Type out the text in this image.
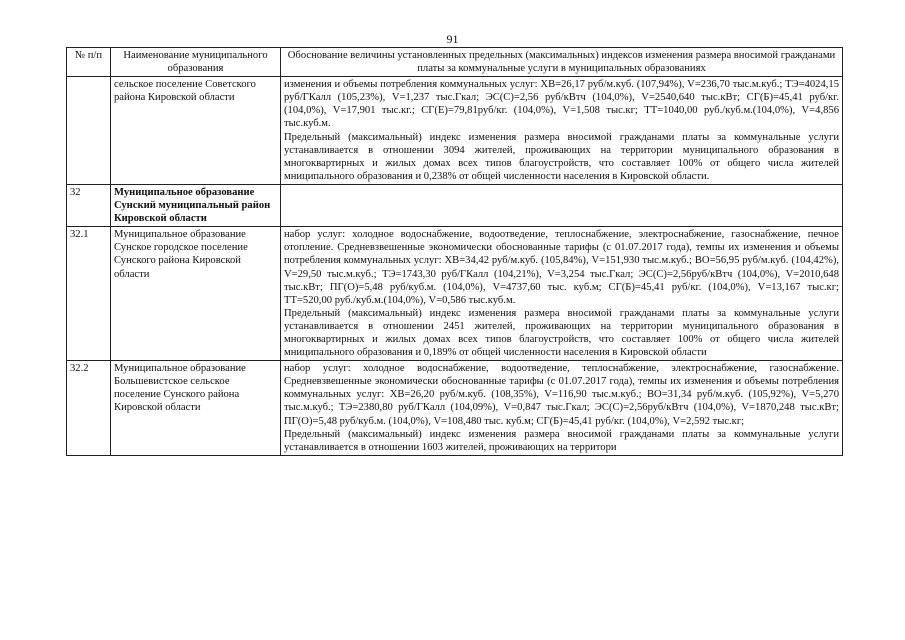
91
№ п/п	Наименование муниципального образования	Обоснование величины установленных предельных (максимальных) индексов изменения размера вносимой гражданами платы за коммунальные услуги в муниципальных образованиях
	сельское поселение Советского района Кировской области	изменения и объемы потребления коммунальных услуг: ХВ=26,17 руб/м.куб. (107,94%), V=236,70 тыс.м.куб.; ТЭ=4024,15 руб/ГКалл (105,23%), V=1,237 тыс.Гкал; ЭС(С)=2,56 руб/кВтч (104,0%), V=2540,640 тыс.кВт; СГ(Б)=45,41 руб/кг. (104,0%), V=17,901 тыс.кг.; СГ(Е)=79,81руб/кг. (104,0%), V=1,508 тыс.кг; ТТ=1040,00 руб./куб.м.(104,0%), V=4,856 тыс.куб.м.
Предельный (максимальный) индекс изменения размера вносимой гражданами платы за коммунальные услуги устанавливается в отношении 3094 жителей, проживающих на территории муниципального образования в многоквартирных и жилых домах всех типов благоустройств, что составляет 100% от общего числа жителей мниципального образования и 0,238% от общей численности населения в Кировской области.

32	Муниципальное образование Сунский муниципальный район Кировской области	
32.1	Муниципальное образование Сунское городское поселение Сунского района Кировской области	набор услуг: холодное водоснабжение, водоотведение, теплоснабжение, электроснабжение, газоснабжение, печное отопление. Средневзвешенные экономически обоснованные тарифы (с 01.07.2017 года), темпы их изменения и объемы потребления коммунальных услуг: ХВ=34,42 руб/м.куб. (105,84%), V=151,930 тыс.м.куб.; ВО=56,95 руб/м.куб. (104,42%), V=29,50 тыс.м.куб.; ТЭ=1743,30 руб/ГКалл (104,21%), V=3,254 тыс.Гкал; ЭС(С)=2,56руб/кВтч (104,0%), V=2010,648 тыс.кВт; ПГ(О)=5,48 руб/куб.м. (104,0%), V=4737,60 тыс. куб.м; СГ(Б)=45,41 руб/кг. (104,0%), V=13,167 тыс.кг; ТТ=520,00 руб./куб.м.(104,0%), V=0,586 тыс.куб.м.
Предельный (максимальный) индекс изменения размера вносимой гражданами платы за коммунальные услуги устанавливается в отношении 2451 жителей, проживающих на территории муниципального образования в многоквартирных и жилых домах всех типов благоустройств, что составляет 100% от общего числа жителей мниципального образования и 0,189% от общей численности населения в Кировской области

32.2	Муниципальное образование Большевистское сельское поселение Сунского района Кировской области	набор услуг: холодное водоснабжение, водоотведение, теплоснабжение, электроснабжение, газоснабжение. Средневзвешенные экономически обоснованные тарифы (с 01.07.2017 года), темпы их изменения и объемы потребления коммунальных услуг: ХВ=26,20 руб/м.куб. (108,35%), V=116,90 тыс.м.куб.; ВО=31,34 руб/м.куб. (105,92%), V=5,270 тыс.м.куб.; ТЭ=2380,80 руб/ГКалл (104,09%), V=0,847 тыс.Гкал; ЭС(С)=2,56руб/кВтч (104,0%), V=1870,248 тыс.кВт; ПГ(О)=5,48 руб/куб.м. (104,0%), V=108,480 тыс. куб.м; СГ(Б)=45,41 руб/кг. (104,0%), V=2,592 тыс.кг;
Предельный (максимальный) индекс изменения размера вносимой гражданами платы за коммунальные услуги устанавливается в отношении 1603 жителей, проживающих на территори
